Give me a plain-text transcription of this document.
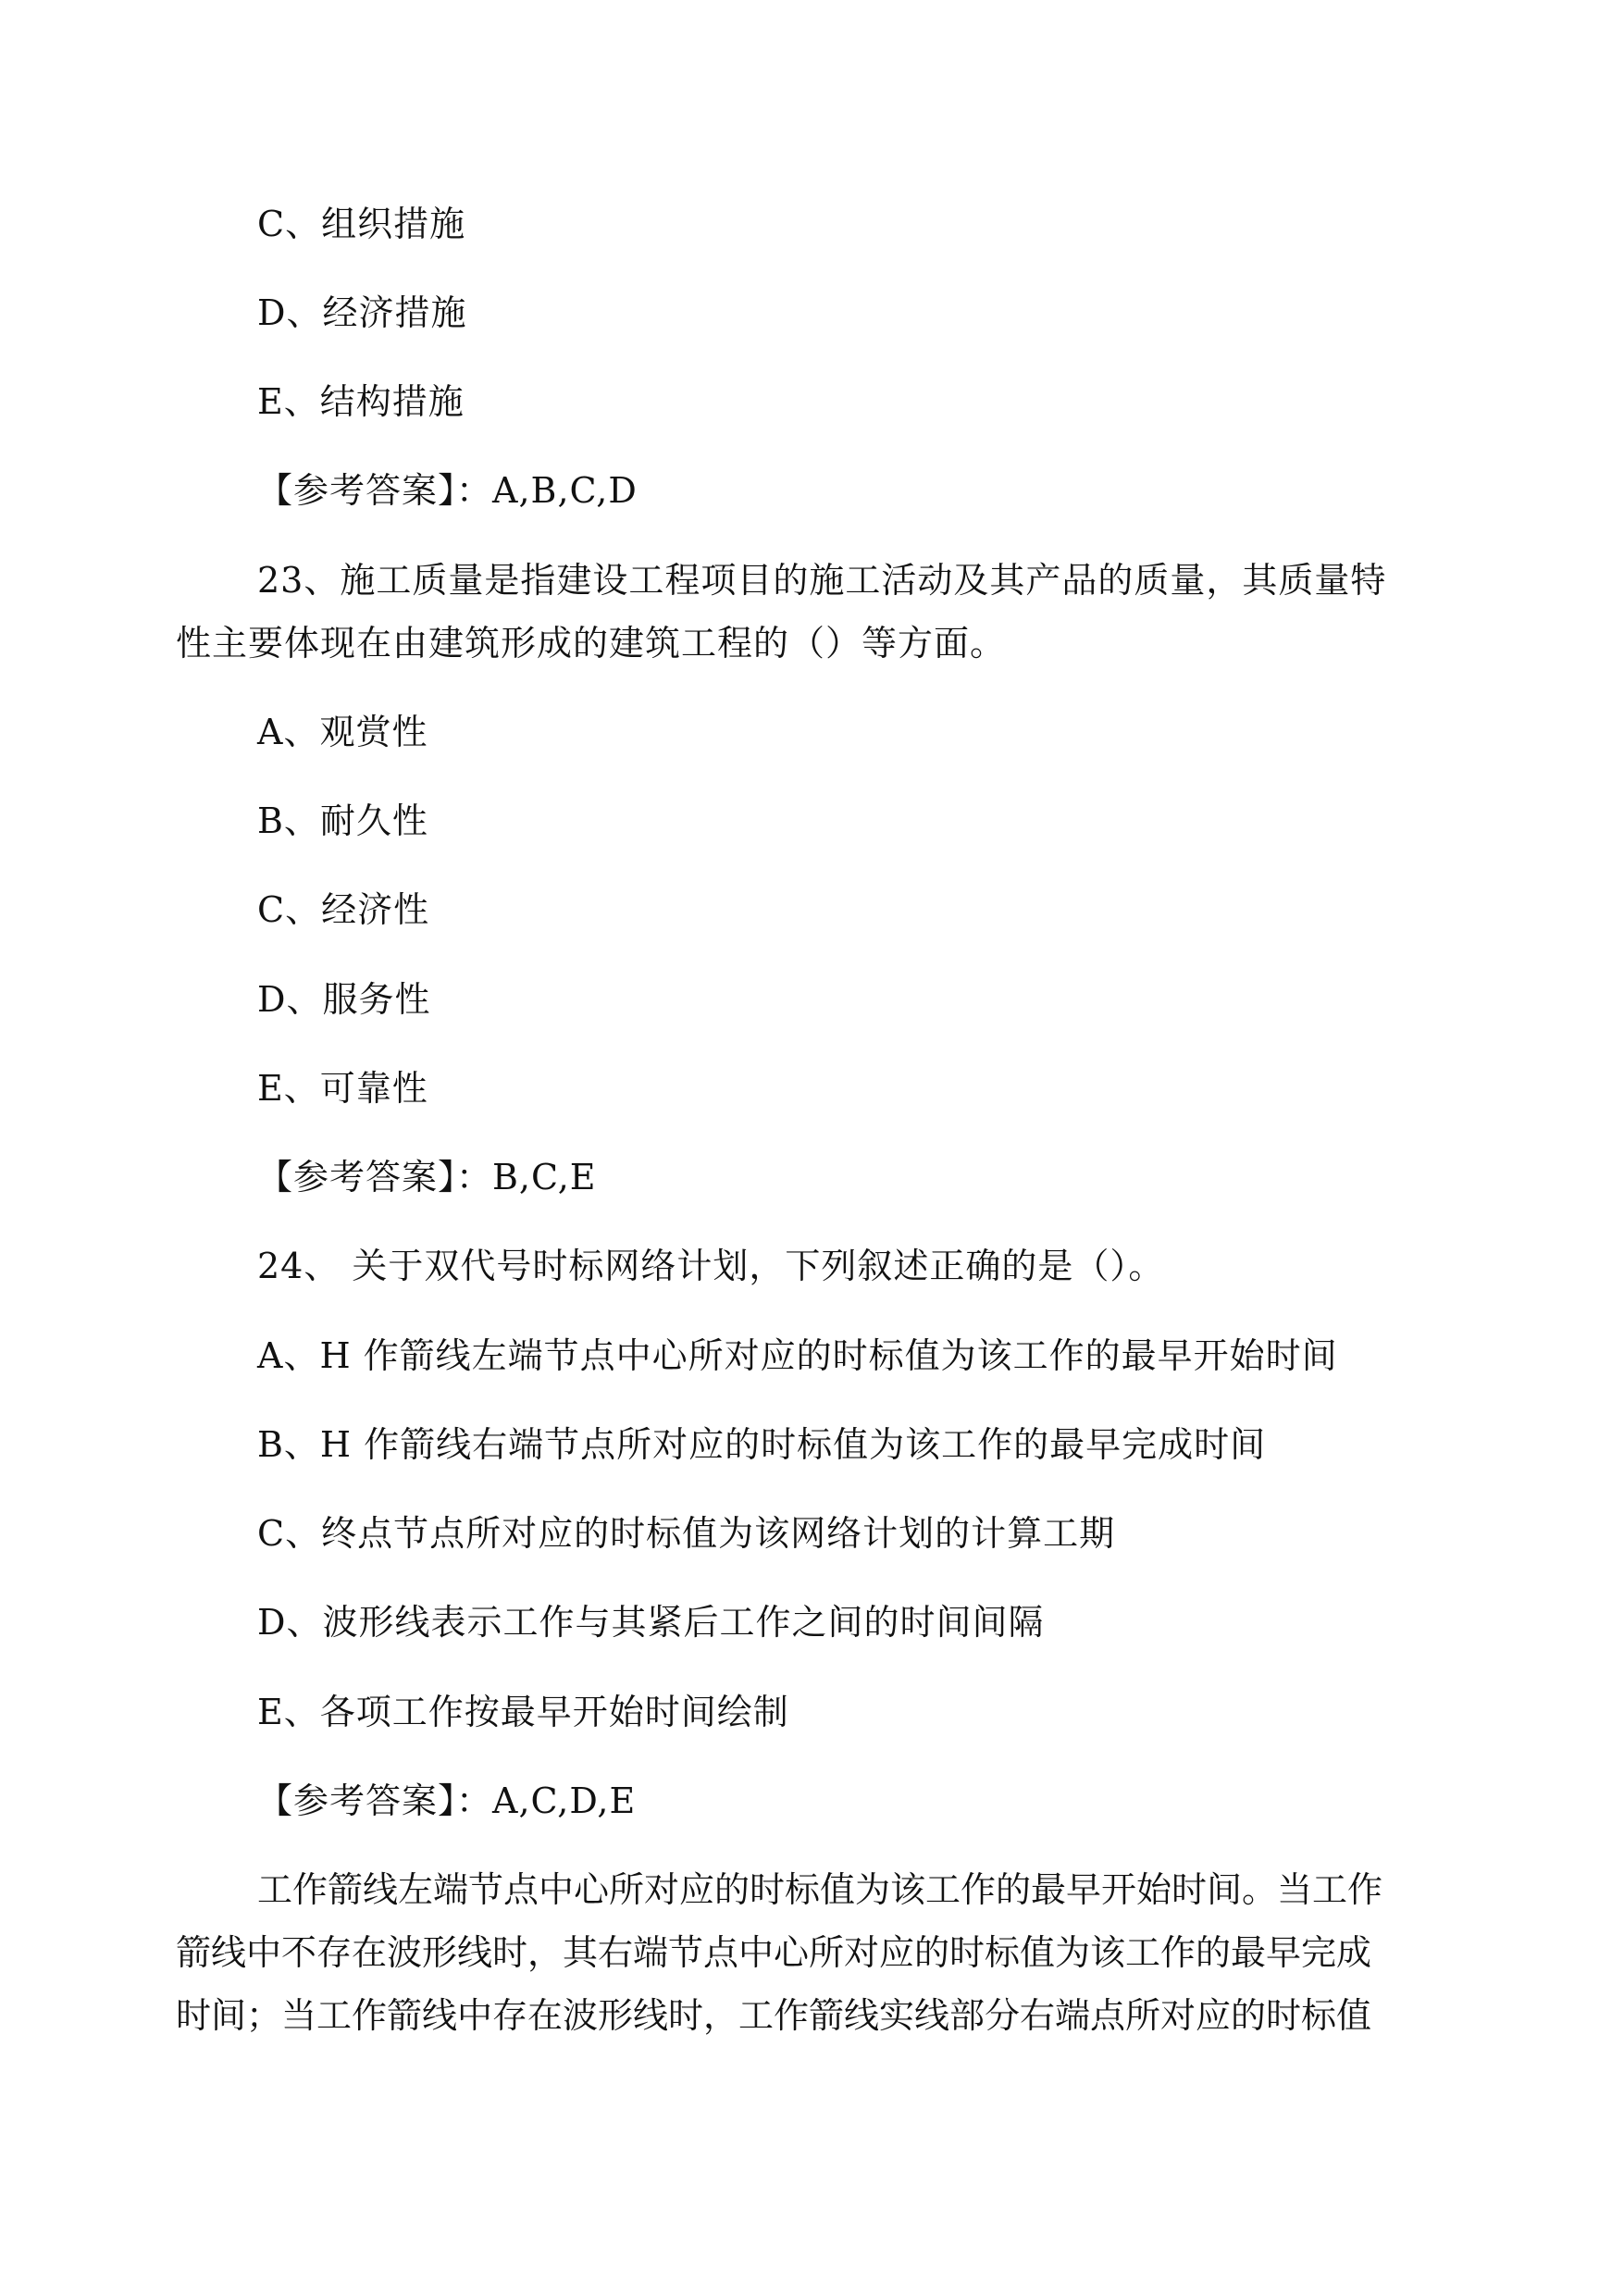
C、组织措施
D、经济措施
E、结构措施
【参考答案】：A,B,C,D
23、施工质量是指建设工程项目的施工活动及其产品的质量，其质量特
性主要体现在由建筑形成的建筑工程的（）等方面。
A、观赏性
B、耐久性
C、经济性
D、服务性
E、可靠性
【参考答案】：B,C,E
24、 关于双代号时标网络计划，下列叙述正确的是（）。
A、H 作箭线左端节点中心所对应的时标值为该工作的最早开始时间
B、H 作箭线右端节点所对应的时标值为该工作的最早完成时间
C、终点节点所对应的时标值为该网络计划的计算工期
D、波形线表示工作与其紧后工作之间的时间间隔
E、各项工作按最早开始时间绘制
【参考答案】：A,C,D,E
工作箭线左端节点中心所对应的时标值为该工作的最早开始时间。当工作
箭线中不存在波形线时，其右端节点中心所对应的时标值为该工作的最早完成
时间；当工作箭线中存在波形线时，工作箭线实线部分右端点所对应的时标值
